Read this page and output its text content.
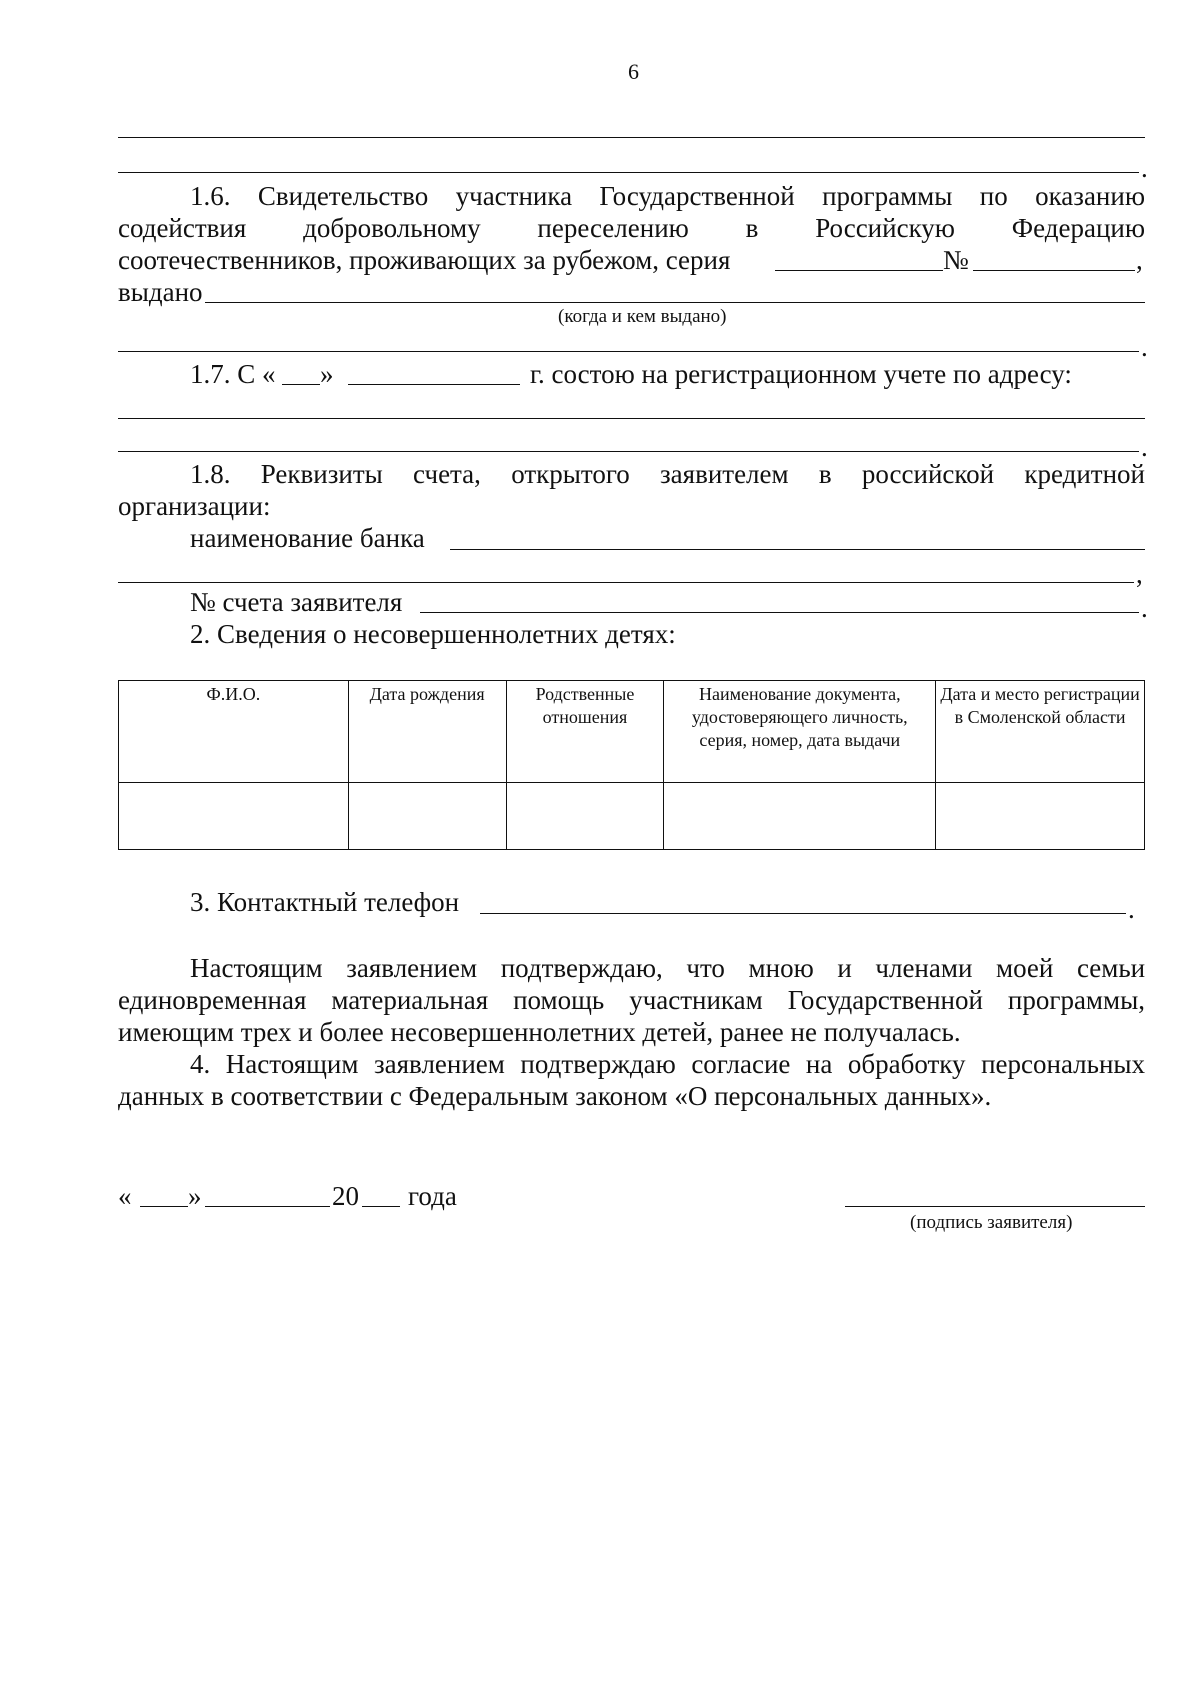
6
.
1.6. Свидетельство участника Государственной программы по оказанию
содействия добровольному переселению в Российскую Федерацию
соотечественников, проживающих за рубежом, серия	№	,
выдано
(когда и кем выдано)
.
1.7. С « »	г. состою на регистрационном учете по адресу:
.
1.8. Реквизиты счета, открытого заявителем в российской кредитной
организации:
наименование банка
,
№ счета заявителя	.
2. Сведения о несовершеннолетних детях:
Ф.И.О.	Дата рождения	Родственные отношения	Наименование документа, удостоверяющего личность, серия, номер, дата выдачи	Дата и место регистрации в Смоленской области

3. Контактный телефон	.
Настоящим заявлением подтверждаю, что мною и членами моей семьи
единовременная материальная помощь участникам Государственной программы,
имеющим трех и более несовершеннолетних детей, ранее не получалась.
4. Настоящим заявлением подтверждаю согласие на обработку персональных
данных в соответствии с Федеральным законом «О персональных данных».
« »	20 года
(подпись заявителя)
